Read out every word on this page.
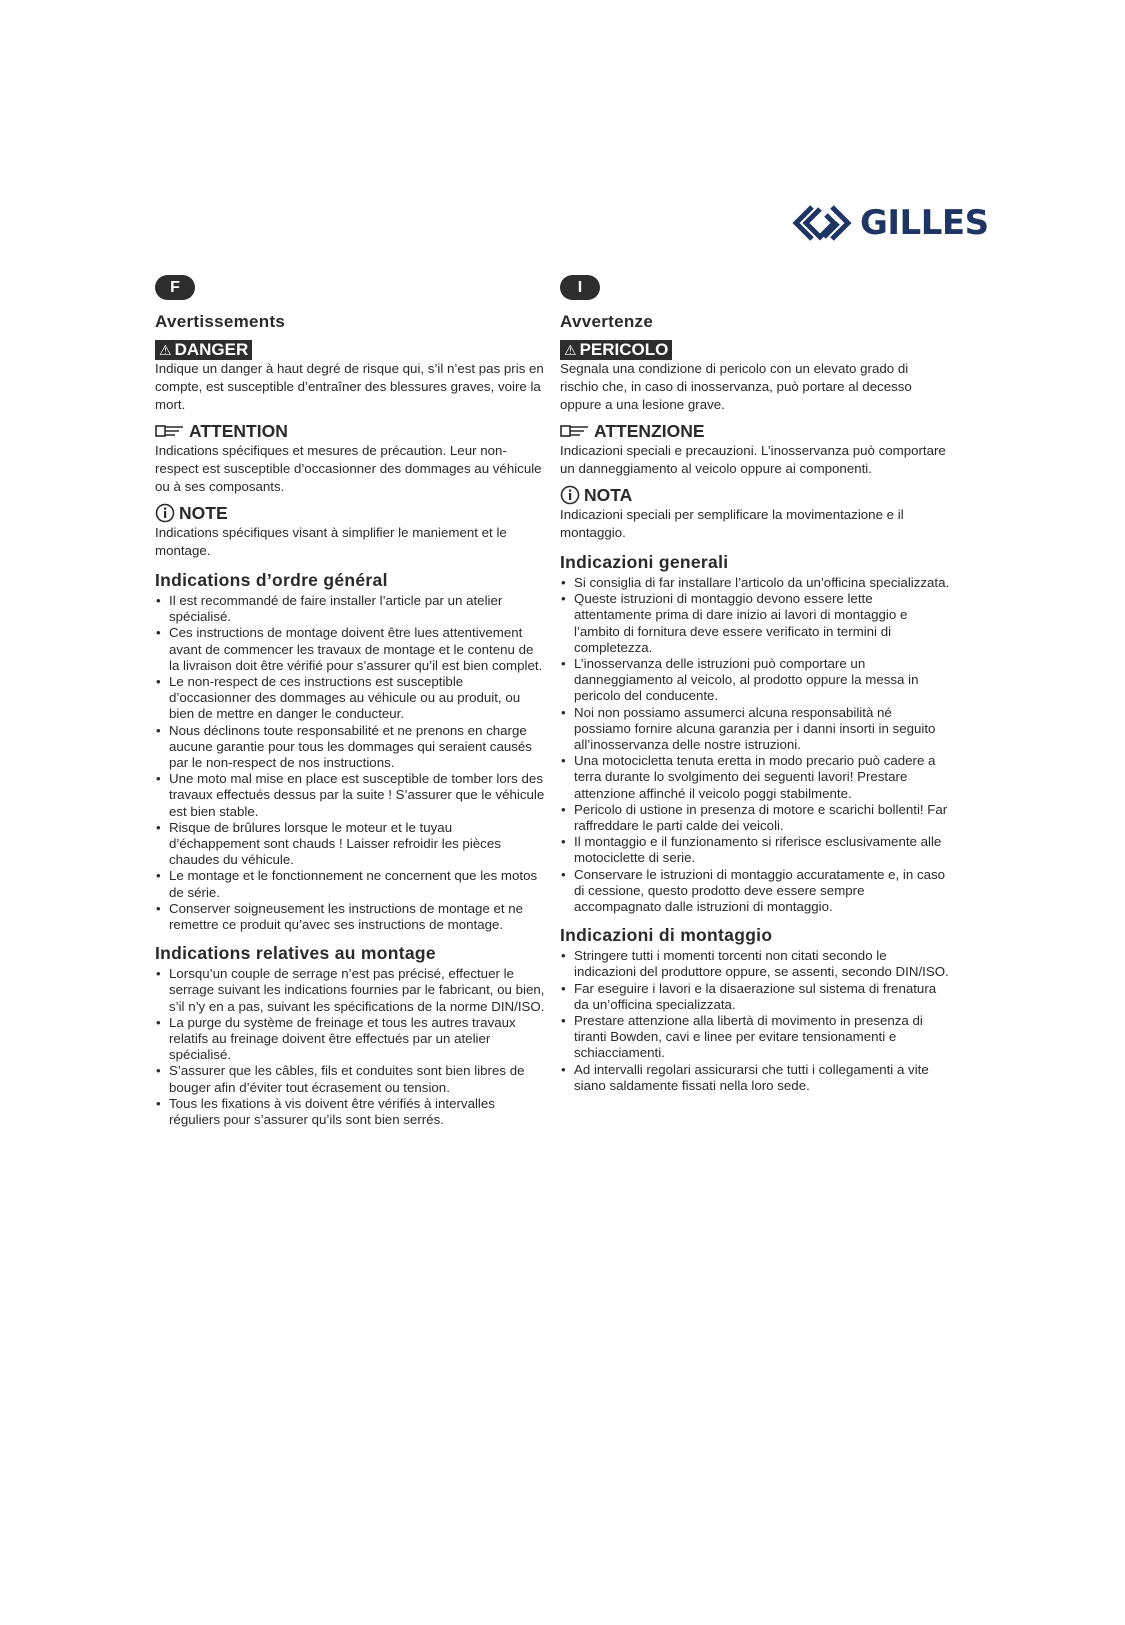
GILLES
F
Avertissements
⚠ DANGER

Indique un danger à haut degré de risque qui, s’il n’est pas pris en compte, est susceptible d’entraîner des blessures graves, voire la mort.

ATTENTION

Indications spécifiques et mesures de précaution. Leur non-respect est susceptible d’occasionner des dommages au véhicule ou à ses composants.

NOTE

Indications spécifiques visant à simplifier le maniement et le montage.

Indications d’ordre général
• Il est recommandé de faire installer l’article par un atelier spécialisé.
• Ces instructions de montage doivent être lues attentivement avant de commencer les travaux de montage et le contenu de la livraison doit être vérifié pour s’assurer qu’il est bien complet.
• Le non-respect de ces instructions est susceptible d’occasionner des dommages au véhicule ou au produit, ou bien de mettre en danger le conducteur.
• Nous déclinons toute responsabilité et ne prenons en charge aucune garantie pour tous les dommages qui seraient causés par le non-respect de nos instructions.
• Une moto mal mise en place est susceptible de tomber lors des travaux effectués dessus par la suite ! S’assurer que le véhicule est bien stable.
• Risque de brûlures lorsque le moteur et le tuyau d’échappement sont chauds ! Laisser refroidir les pièces chaudes du véhicule.
• Le montage et le fonctionnement ne concernent que les motos de série.
• Conserver soigneusement les instructions de montage et ne remettre ce produit qu’avec ses instructions de montage.
Indications relatives au montage
• Lorsqu’un couple de serrage n’est pas précisé, effectuer le serrage suivant les indications fournies par le fabricant, ou bien, s’il n’y en a pas, suivant les spécifications de la norme DIN/ISO.
• La purge du système de freinage et tous les autres travaux relatifs au freinage doivent être effectués par un atelier spécialisé.
• S’assurer que les câbles, fils et conduites sont bien libres de bouger afin d’éviter tout écrasement ou tension.
• Tous les fixations à vis doivent être vérifiés à intervalles réguliers pour s’assurer qu’ils sont bien serrés.
I
Avvertenze
⚠ PERICOLO

Segnala una condizione di pericolo con un elevato grado di rischio che, in caso di inosservanza, può portare al decesso oppure a una lesione grave.

ATTENZIONE

Indicazioni speciali e precauzioni. L’inosservanza può comportare un danneggiamento al veicolo oppure ai componenti.

NOTA

Indicazioni speciali per semplificare la movimentazione e il montaggio.

Indicazioni generali
• Si consiglia di far installare l’articolo da un’officina specializzata.
• Queste istruzioni di montaggio devono essere lette attentamente prima di dare inizio ai lavori di montaggio e l’ambito di fornitura deve essere verificato in termini di completezza.
• L’inosservanza delle istruzioni può comportare un danneggiamento al veicolo, al prodotto oppure la messa in pericolo del conducente.
• Noi non possiamo assumerci alcuna responsabilità né possiamo fornire alcuna garanzia per i danni insorti in seguito all’inosservanza delle nostre istruzioni.
• Una motocicletta tenuta eretta in modo precario può cadere a terra durante lo svolgimento dei seguenti lavori! Prestare attenzione affinché il veicolo poggi stabilmente.
• Pericolo di ustione in presenza di motore e scarichi bollenti! Far raffreddare le parti calde dei veicoli.
• Il montaggio e il funzionamento si riferisce esclusivamente alle motociclette di serie.
• Conservare le istruzioni di montaggio accuratamente e, in caso di cessione, questo prodotto deve essere sempre accompagnato dalle istruzioni di montaggio.
Indicazioni di montaggio
• Stringere tutti i momenti torcenti non citati secondo le indicazioni del produttore oppure, se assenti, secondo DIN/ISO.
• Far eseguire i lavori e la disaerazione sul sistema di frenatura da un’officina specializzata.
• Prestare attenzione alla libertà di movimento in presenza di tiranti Bowden, cavi e linee per evitare tensionamenti e schiacciamenti.
• Ad intervalli regolari assicurarsi che tutti i collegamenti a vite siano saldamente fissati nella loro sede.
